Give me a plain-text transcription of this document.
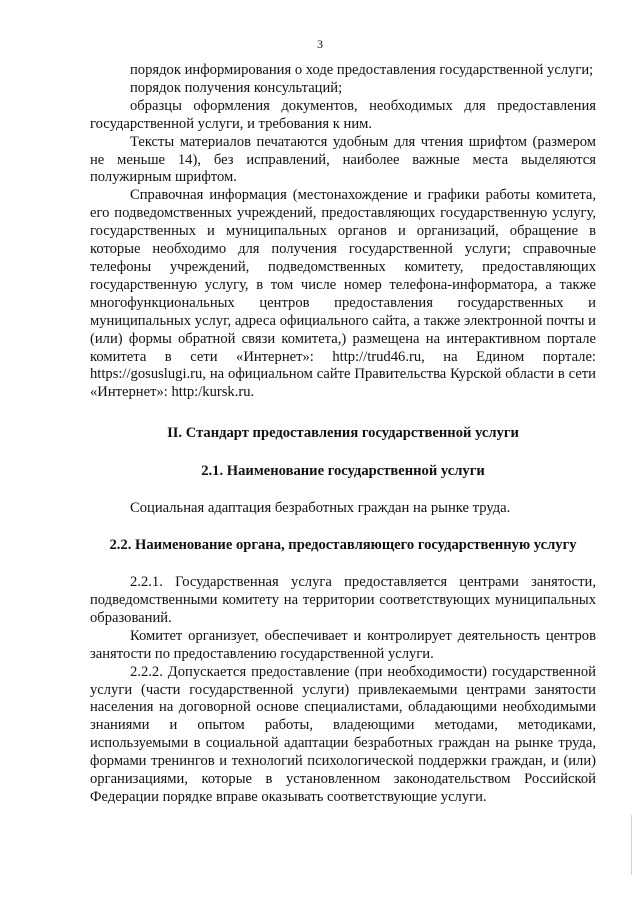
3

порядок информирования о ходе предоставления государственной услуги;

порядок получения консультаций;

образцы оформления документов, необходимых для предоставления государственной услуги, и требования к ним.

Тексты материалов печатаются удобным для чтения шрифтом (размером не меньше 14), без исправлений, наиболее важные места выделяются полужирным шрифтом.

Справочная информация (местонахождение и графики работы комитета, его подведомственных учреждений, предоставляющих государственную услугу, государственных и муниципальных органов и организаций, обращение в которые необходимо для получения государственной услуги; справочные телефоны учреждений, подведомственных комитету, предоставляющих государственную услугу, в том числе номер телефона-информатора, а также многофункциональных центров предоставления государственных и муниципальных услуг, адреса официального сайта, а также электронной почты и (или) формы обратной связи комитета,) размещена на интерактивном портале комитета в сети «Интернет»: http://trud46.ru, на Едином портале: https://gosuslugi.ru, на официальном сайте Правительства Курской области в сети «Интернет»: http:/kursk.ru.

II. Стандарт предоставления государственной услуги
2.1. Наименование государственной услуги

Социальная адаптация безработных граждан на рынке труда.

2.2. Наименование органа, предоставляющего государственную услугу

2.2.1. Государственная услуга предоставляется центрами занятости, подведомственными комитету на территории соответствующих муниципальных образований.

Комитет организует, обеспечивает и контролирует деятельность центров занятости по предоставлению государственной услуги.

2.2.2. Допускается предоставление (при необходимости) государственной услуги (части государственной услуги) привлекаемыми центрами занятости населения на договорной основе специалистами, обладающими необходимыми знаниями и опытом работы, владеющими методами, методиками, используемыми в социальной адаптации безработных граждан на рынке труда, формами тренингов и технологий психологической поддержки граждан, и (или) организациями, которые в установленном законодательством Российской Федерации порядке вправе оказывать соответствующие услуги.
